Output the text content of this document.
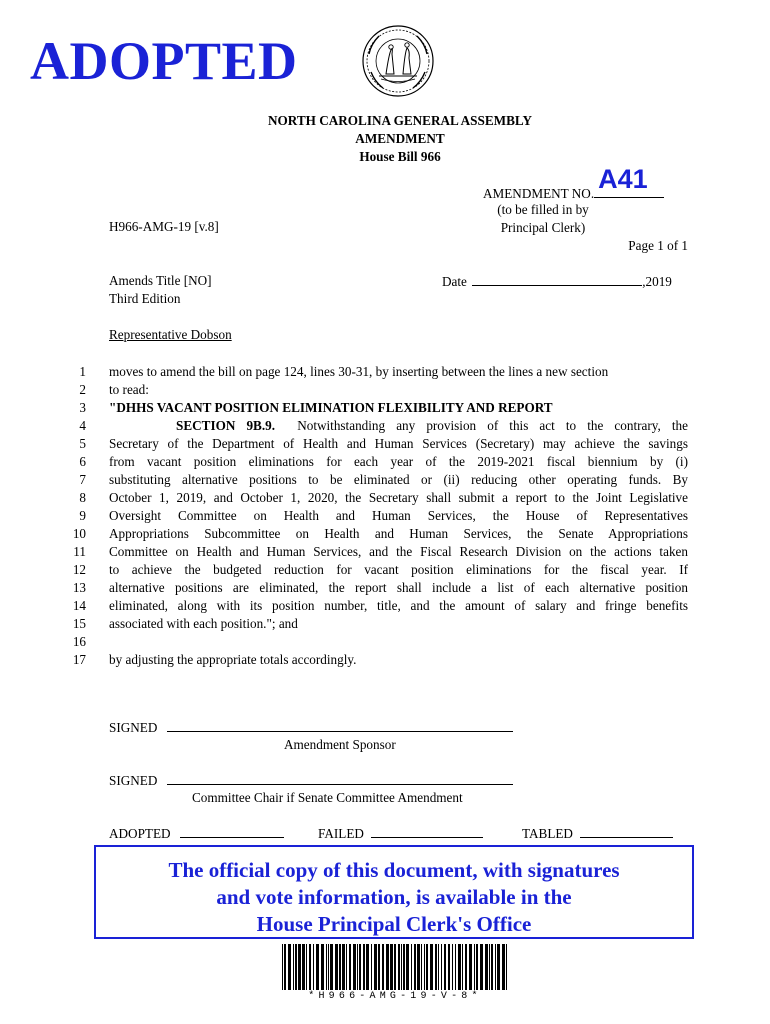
ADOPTED
NORTH CAROLINA GENERAL ASSEMBLY
AMENDMENT
House Bill 966
AMENDMENT NO. A41
(to be filled in by
Principal Clerk)
H966-AMG-19 [v.8]
Page 1 of 1
Amends Title [NO]
Third Edition
Date	,2019
Representative Dobson
1
2
3
4
5
6
7
8
9
10
11
12
13
14
15
16
17

moves to amend the bill on page 124, lines 30-31, by inserting between the lines a new section

to read:

"DHHS VACANT POSITION ELIMINATION FLEXIBILITY AND REPORT

SECTION 9B.9. Notwithstanding any provision of this act to the contrary, the

Secretary of the Department of Health and Human Services (Secretary) may achieve the savings

from vacant position eliminations for each year of the 2019-2021 fiscal biennium by (i)

substituting alternative positions to be eliminated or (ii) reducing other operating funds. By

October 1, 2019, and October 1, 2020, the Secretary shall submit a report to the Joint Legislative

Oversight Committee on Health and Human Services, the House of Representatives

Appropriations Subcommittee on Health and Human Services, the Senate Appropriations

Committee on Health and Human Services, and the Fiscal Research Division on the actions taken

to achieve the budgeted reduction for vacant position eliminations for the fiscal year. If

alternative positions are eliminated, the report shall include a list of each alternative position

eliminated, along with its position number, title, and the amount of salary and fringe benefits

associated with each position."; and

by adjusting the appropriate totals accordingly.

SIGNED
Amendment Sponsor
SIGNED
Committee Chair if Senate Committee Amendment
ADOPTED	FAILED	TABLED
The official copy of this document, with signatures
and vote information, is available in the
House Principal Clerk's Office
*H966-AMG-19-V-8*
